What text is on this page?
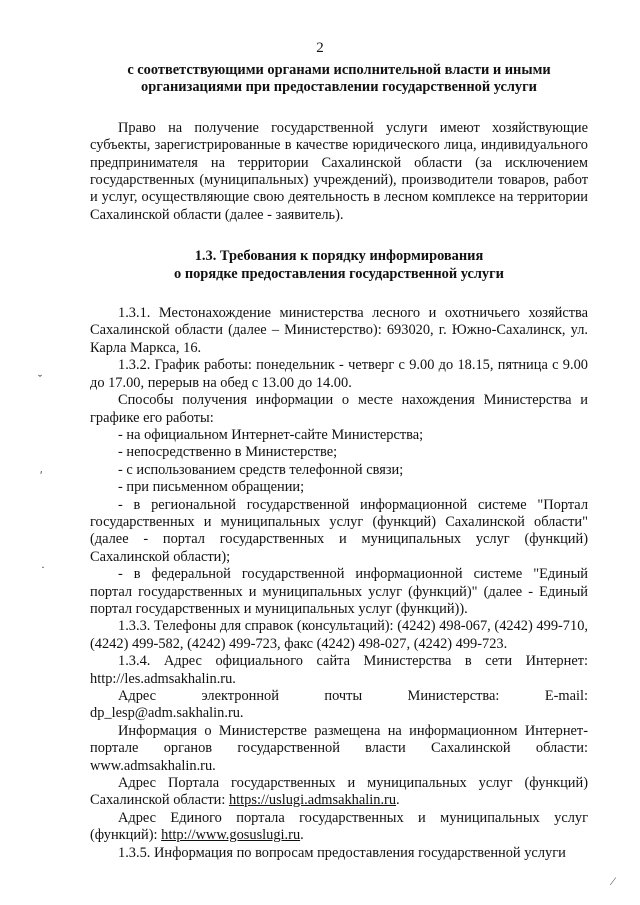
2
с соответствующими органами исполнительной власти и иными
организациями при предоставлении государственной услуги

Право на получение государственной услуги имеют хозяйствующие субъекты, зарегистрированные в качестве юридического лица, индивидуального предпринимателя на территории Сахалинской области (за исключением государственных (муниципальных) учреждений), производители товаров, работ и услуг, осуществляющие свою деятельность в лесном комплексе на территории Сахалинской области (далее - заявитель).

1.3. Требования к порядку информирования
о порядке предоставления государственной услуги

1.3.1. Местонахождение министерства лесного и охотничьего хозяйства Сахалинской области (далее – Министерство): 693020, г. Южно-Сахалинск, ул. Карла Маркса, 16.

1.3.2. График работы: понедельник - четверг с 9.00 до 18.15, пятница с 9.00 до 17.00, перерыв на обед с 13.00 до 14.00.

Способы получения информации о месте нахождения Министерства и графике его работы:

- на официальном Интернет-сайте Министерства;

- непосредственно в Министерстве;

- с использованием средств телефонной связи;

- при письменном обращении;

- в региональной государственной информационной системе "Портал государственных и муниципальных услуг (функций) Сахалинской области" (далее - портал государственных и муниципальных услуг (функций) Сахалинской области);

- в федеральной государственной информационной системе "Единый портал государственных и муниципальных услуг (функций)" (далее - Единый портал государственных и муниципальных услуг (функций)).

1.3.3. Телефоны для справок (консультаций): (4242) 498-067, (4242) 499-710, (4242) 499-582, (4242) 499-723, факс (4242) 498-027, (4242) 499-723.

1.3.4. Адрес официального сайта Министерства в сети Интернет: http://les.admsakhalin.ru.

Адрес электронной почты Министерства: E-mail:

dp_lesp@adm.sakhalin.ru.

Информация о Министерстве размещена на информационном Интернет-портале органов государственной власти Сахалинской области: www.admsakhalin.ru.

Адрес Портала государственных и муниципальных услуг (функций) Сахалинской области: https://uslugi.admsakhalin.ru.

Адрес Единого портала государственных и муниципальных услуг (функций): http://www.gosuslugi.ru.

1.3.5. Информация по вопросам предоставления государственной услуги

ˇ
ʹ
·
⁄
